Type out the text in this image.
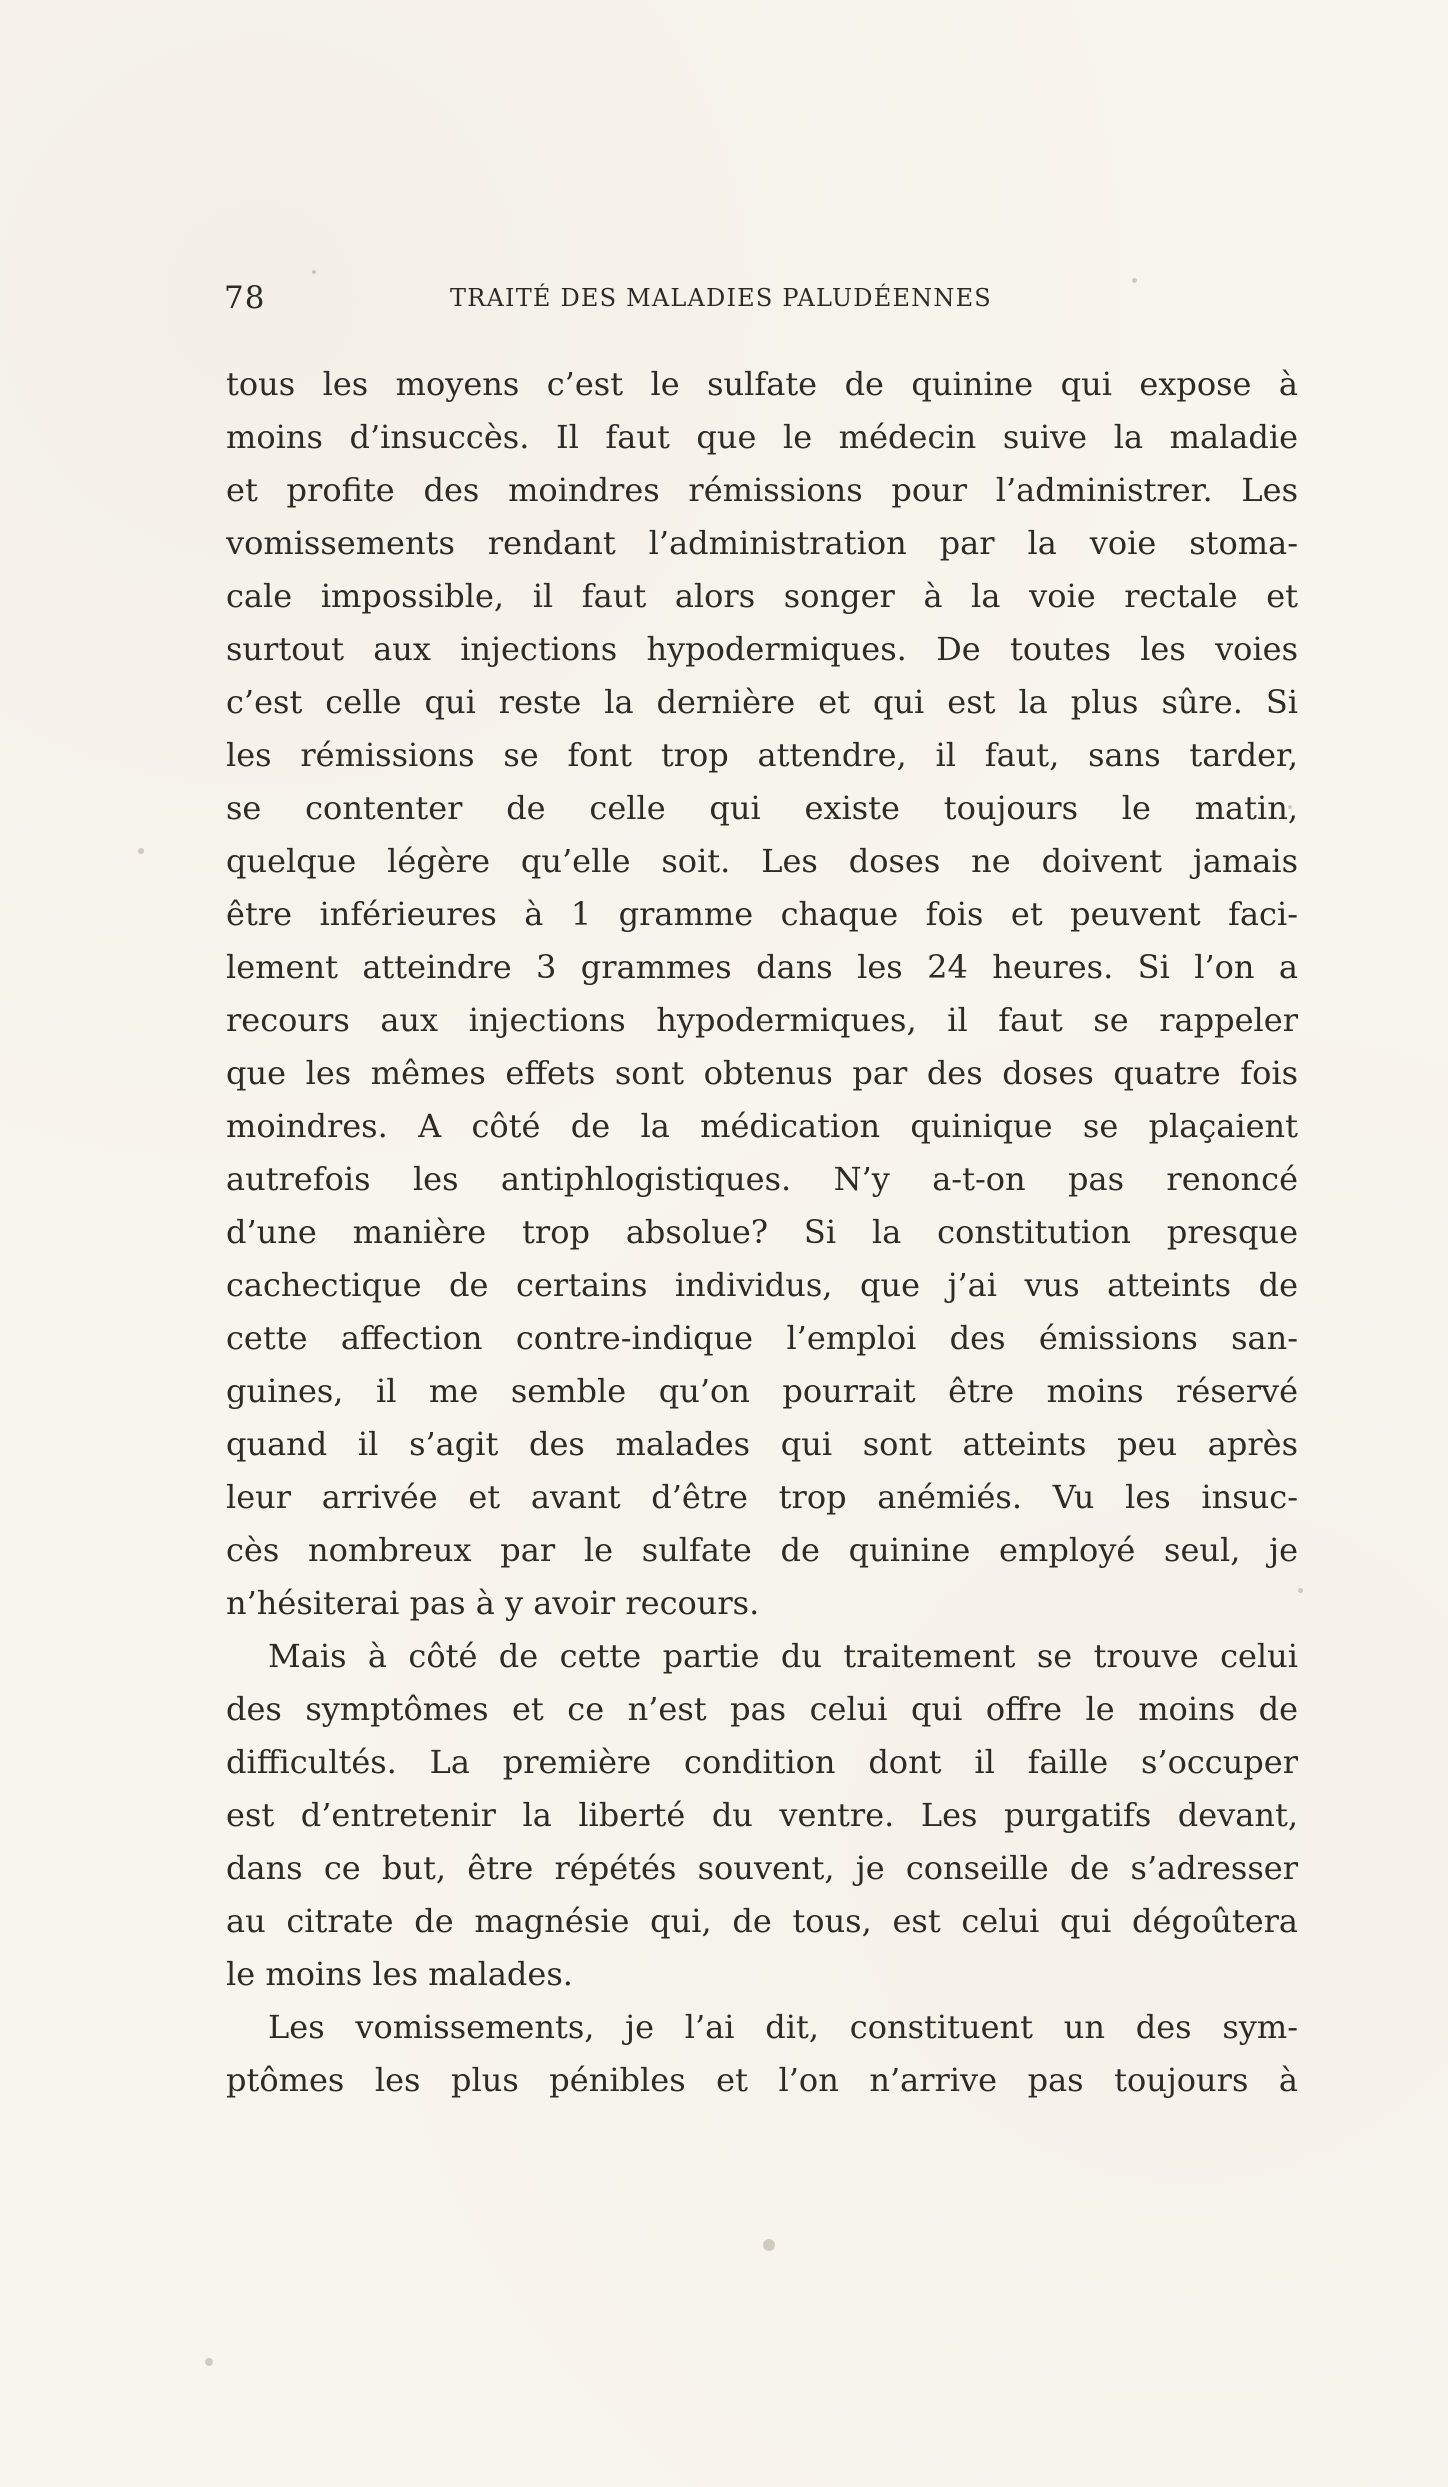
78	TRAITÉ DES MALADIES PALUDÉENNES
tous les moyens c’est le sulfate de quinine qui expose à
moins d’insuccès. Il faut que le médecin suive la maladie
et profite des moindres rémissions pour l’administrer. Les
vomissements rendant l’administration par la voie stoma-
cale impossible, il faut alors songer à la voie rectale et
surtout aux injections hypodermiques. De toutes les voies
c’est celle qui reste la dernière et qui est la plus sûre. Si
les rémissions se font trop attendre, il faut, sans tarder,
se contenter de celle qui existe toujours le matin,
quelque légère qu’elle soit. Les doses ne doivent jamais
être inférieures à 1 gramme chaque fois et peuvent faci-
lement atteindre 3 grammes dans les 24 heures. Si l’on a
recours aux injections hypodermiques, il faut se rappeler
que les mêmes effets sont obtenus par des doses quatre fois
moindres. A côté de la médication quinique se plaçaient
autrefois les antiphlogistiques. N’y a-t-on pas renoncé
d’une manière trop absolue? Si la constitution presque
cachectique de certains individus, que j’ai vus atteints de
cette affection contre-indique l’emploi des émissions san-
guines, il me semble qu’on pourrait être moins réservé
quand il s’agit des malades qui sont atteints peu après
leur arrivée et avant d’être trop anémiés. Vu les insuc-
cès nombreux par le sulfate de quinine employé seul, je
n’hésiterai pas à y avoir recours.
Mais à côté de cette partie du traitement se trouve celui
des symptômes et ce n’est pas celui qui offre le moins de
difficultés. La première condition dont il faille s’occuper
est d’entretenir la liberté du ventre. Les purgatifs devant,
dans ce but, être répétés souvent, je conseille de s’adresser
au citrate de magnésie qui, de tous, est celui qui dégoûtera
le moins les malades.
Les vomissements, je l’ai dit, constituent un des sym-
ptômes les plus pénibles et l’on n’arrive pas toujours à
